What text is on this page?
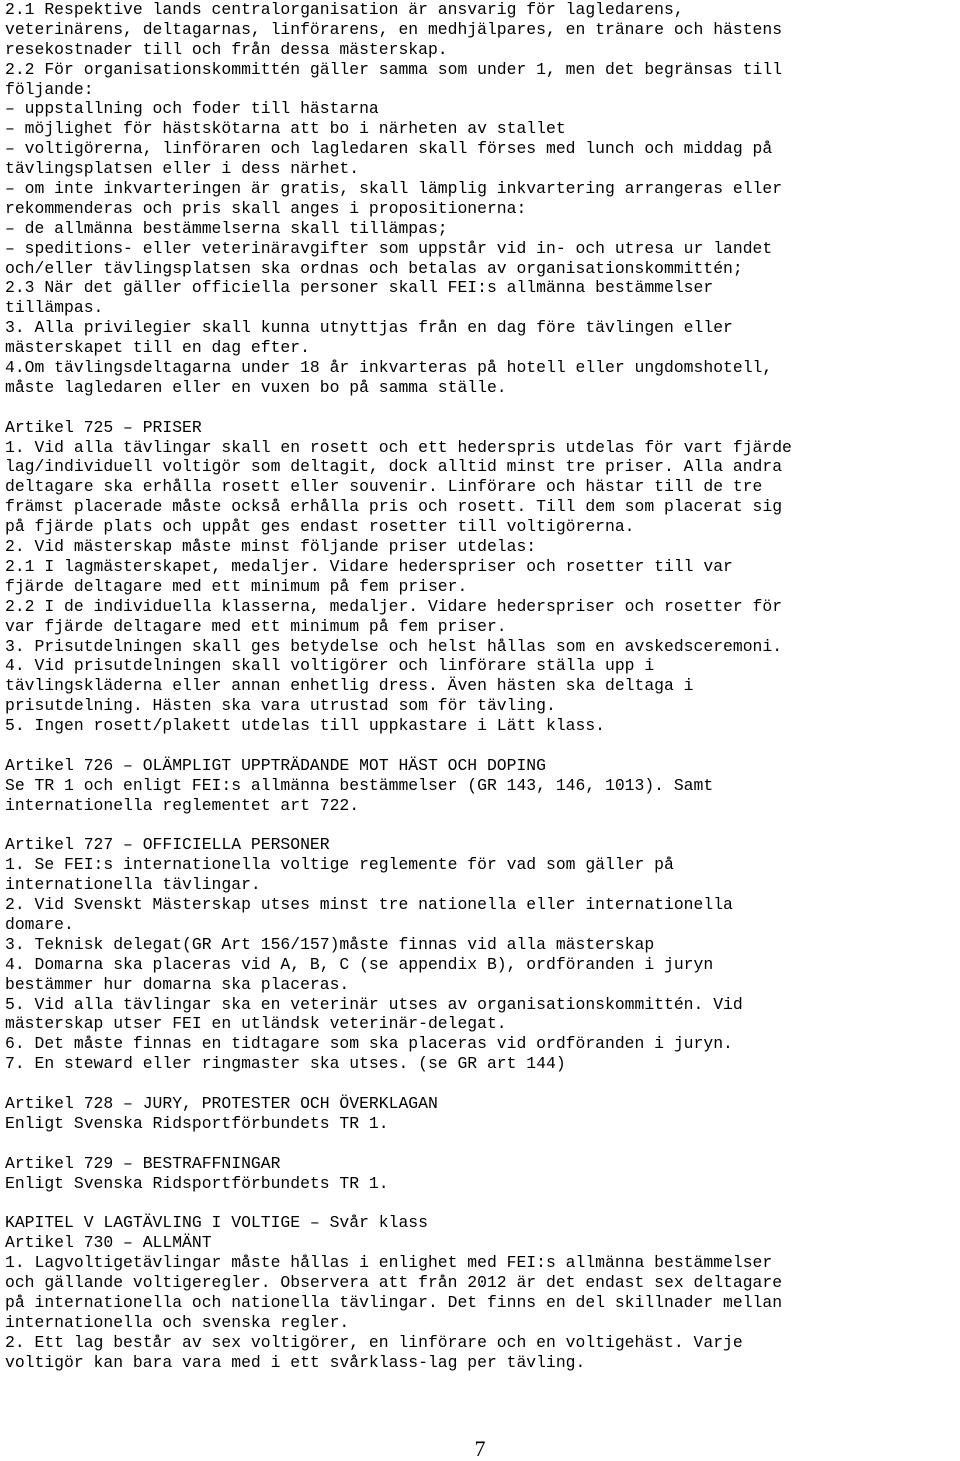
2.1 Respektive lands centralorganisation är ansvarig för lagledarens,
veterinärens, deltagarnas, linförarens, en medhjälpares, en tränare och hästens
resekostnader till och från dessa mästerskap.
2.2 För organisationskommittén gäller samma som under 1, men det begränsas till
följande:
– uppstallning och foder till hästarna
– möjlighet för hästskötarna att bo i närheten av stallet
– voltigörerna, linföraren och lagledaren skall förses med lunch och middag på
tävlingsplatsen eller i dess närhet.
– om inte inkvarteringen är gratis, skall lämplig inkvartering arrangeras eller
rekommenderas och pris skall anges i propositionerna:
– de allmänna bestämmelserna skall tillämpas;
– speditions- eller veterinäravgifter som uppstår vid in- och utresa ur landet
och/eller tävlingsplatsen ska ordnas och betalas av organisationskommittén;
2.3 När det gäller officiella personer skall FEI:s allmänna bestämmelser
tillämpas.
3. Alla privilegier skall kunna utnyttjas från en dag före tävlingen eller
mästerskapet till en dag efter.
4.Om tävlingsdeltagarna under 18 år inkvarteras på hotell eller ungdomshotell,
måste lagledaren eller en vuxen bo på samma ställe.
Artikel 725 – PRISER
1. Vid alla tävlingar skall en rosett och ett hederspris utdelas för vart fjärde
lag/individuell voltigör som deltagit, dock alltid minst tre priser. Alla andra
deltagare ska erhålla rosett eller souvenir. Linförare och hästar till de tre
främst placerade måste också erhålla pris och rosett. Till dem som placerat sig
på fjärde plats och uppåt ges endast rosetter till voltigörerna.
2. Vid mästerskap måste minst följande priser utdelas:
2.1 I lagmästerskapet, medaljer. Vidare hederspriser och rosetter till var
fjärde deltagare med ett minimum på fem priser.
2.2 I de individuella klasserna, medaljer. Vidare hederspriser och rosetter för
var fjärde deltagare med ett minimum på fem priser.
3. Prisutdelningen skall ges betydelse och helst hållas som en avskedsceremoni.
4. Vid prisutdelningen skall voltigörer och linförare ställa upp i
tävlingskläderna eller annan enhetlig dress. Även hästen ska deltaga i
prisutdelning. Hästen ska vara utrustad som för tävling.
5. Ingen rosett/plakett utdelas till uppkastare i Lätt klass.
Artikel 726 – OLÄMPLIGT UPPTRÄDANDE MOT HÄST OCH DOPING
Se TR 1 och enligt FEI:s allmänna bestämmelser (GR 143, 146, 1013). Samt
internationella reglementet art 722.
Artikel 727 – OFFICIELLA PERSONER
1. Se FEI:s internationella voltige reglemente för vad som gäller på
internationella tävlingar.
2. Vid Svenskt Mästerskap utses minst tre nationella eller internationella
domare.
3. Teknisk delegat(GR Art 156/157)måste finnas vid alla mästerskap
4. Domarna ska placeras vid A, B, C (se appendix B), ordföranden i juryn
bestämmer hur domarna ska placeras.
5. Vid alla tävlingar ska en veterinär utses av organisationskommittén. Vid
mästerskap utser FEI en utländsk veterinär-delegat.
6. Det måste finnas en tidtagare som ska placeras vid ordföranden i juryn.
7. En steward eller ringmaster ska utses. (se GR art 144)
Artikel 728 – JURY, PROTESTER OCH ÖVERKLAGAN
Enligt Svenska Ridsportförbundets TR 1.
Artikel 729 – BESTRAFFNINGAR
Enligt Svenska Ridsportförbundets TR 1.
KAPITEL V LAGTÄVLING I VOLTIGE – Svår klass
Artikel 730 – ALLMÄNT
1. Lagvoltigetävlingar måste hållas i enlighet med FEI:s allmänna bestämmelser
och gällande voltigeregler. Observera att från 2012 är det endast sex deltagare
på internationella och nationella tävlingar. Det finns en del skillnader mellan
internationella och svenska regler.
2. Ett lag består av sex voltigörer, en linförare och en voltigehäst. Varje
voltigör kan bara vara med i ett svårklass-lag per tävling.
7
